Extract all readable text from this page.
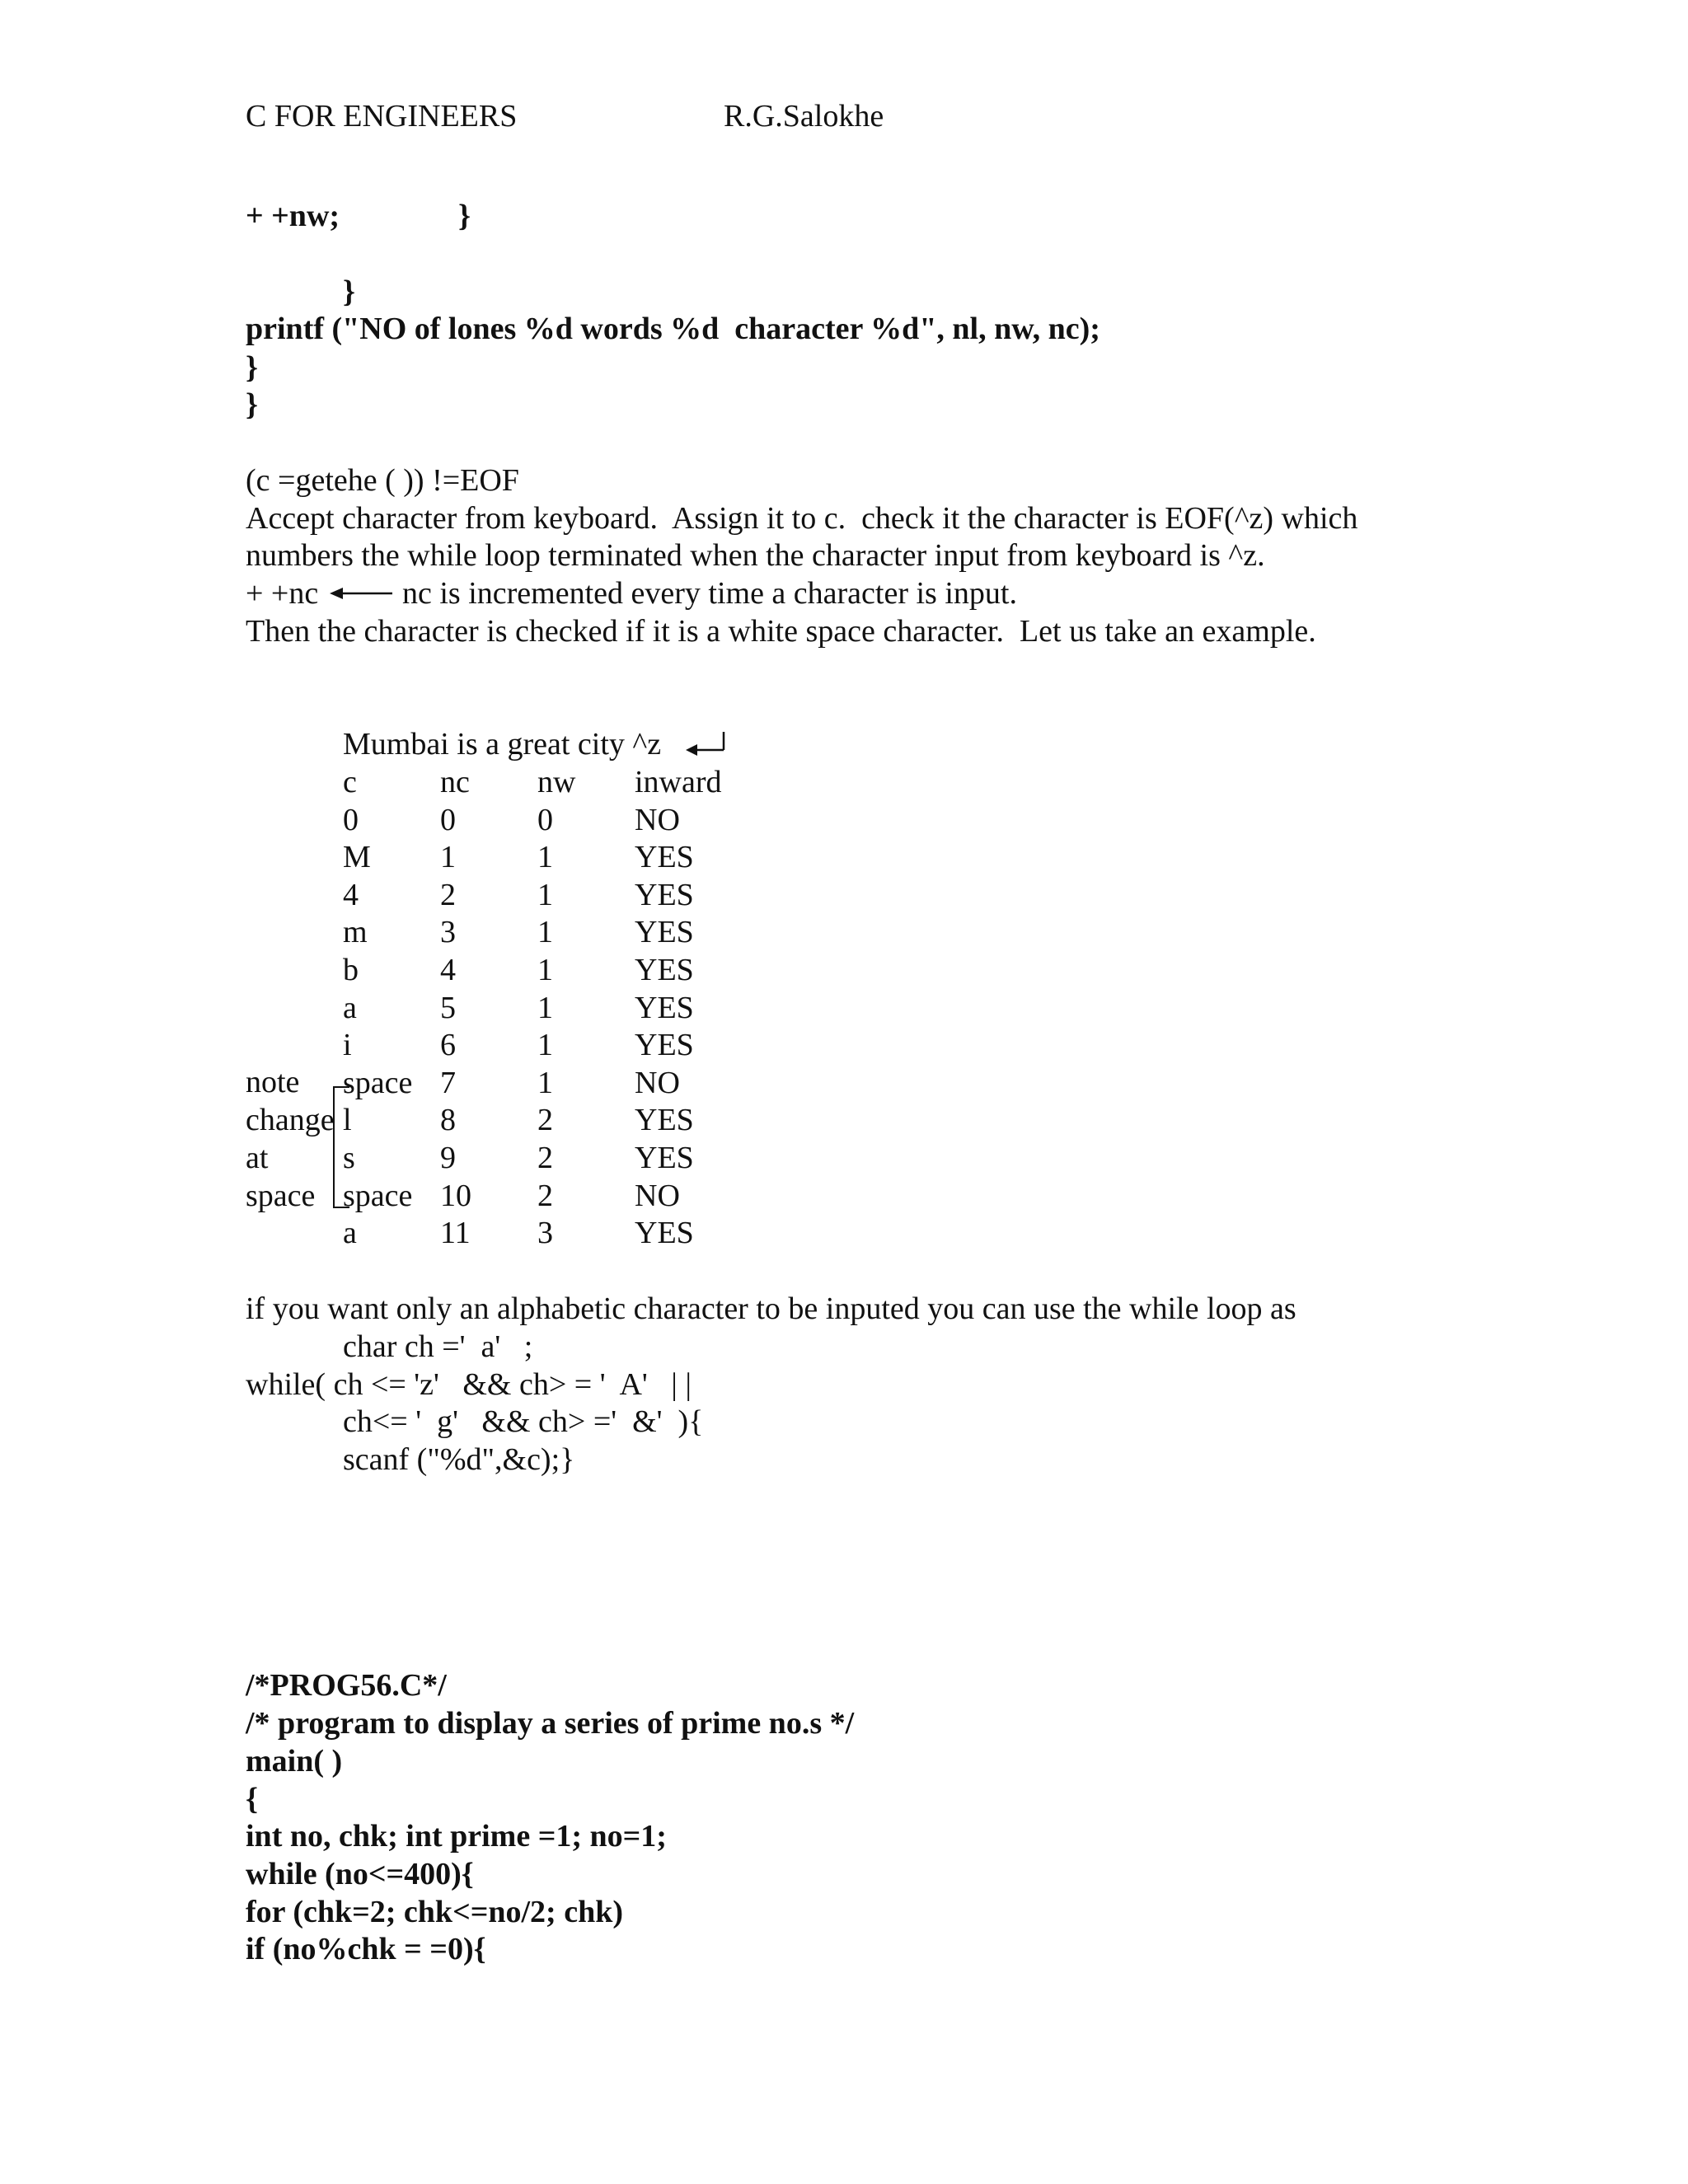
C FOR ENGINEERS	R.G.Salokhe
+ +nw;	}
}
printf ("NO of lones %d words %d  character %d", nl, nw, nc);
}
}
(c =getehe ( )) !=EOF
Accept character from keyboard.  Assign it to c.  check it the character is EOF(^z) which
numbers the while loop terminated when the character input from keyboard is ^z.
+ +nc	nc is incremented every time a character is input.
Then the character is checked if it is a white space character.  Let us take an example.
Mumbai is a great city ^z
c	nc nw inward
0	0	0	NO
M 1	1	YES
4	2	1	YES
m 3	1	YES
b	4	1	YES
a	5	1	YES
i	6	1	YES
space 7	1	NO
l	8	2	YES
s	9	2	YES
space 10 2	NO
a	11 3	YES
note
change
at
space
if you want only an alphabetic character to be inputed you can use the while loop as
char ch ='  a'   ;
while( ch <= 'z'   && ch> = '  A'   | |
ch<= '  g'   && ch> ='  &'  ){
scanf ("%d",&c);}
/*PROG56.C*/
/* program to display a series of prime no.s */
main( )
{
int no, chk; int prime =1; no=1;
while (no<=400){
for (chk=2; chk<=no/2; chk)
if (no%chk = =0){
